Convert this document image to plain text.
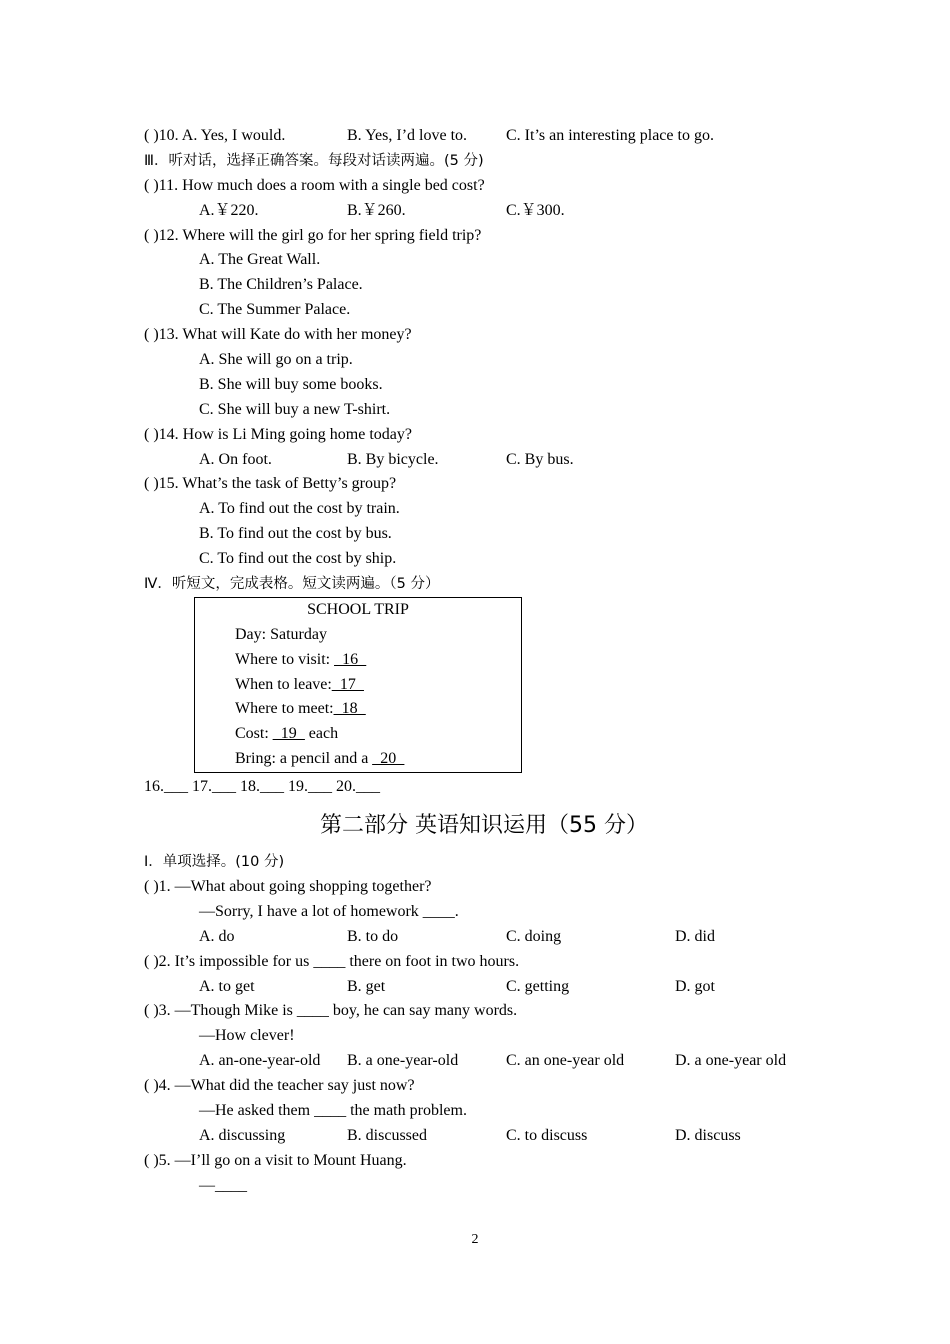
( )10. A. Yes, I would.	B. Yes, I’d love to. C. It’s an interesting place to go.
Ⅲ．听对话，选择正确答案。每段对话读两遍。(5 分)
( )11. How much does a room with a single bed cost?
A.￥220.	B.￥260.	C.￥300.
( )12. Where will the girl go for her spring field trip?
A. The Great Wall.
B. The Children’s Palace.
C. The Summer Palace.
( )13. What will Kate do with her money?
A. She will go on a trip.
B. She will buy some books.
C. She will buy a new T-shirt.
( )14. How is Li Ming going home today?
A. On foot.	B. By bicycle.	C. By bus.
( )15. What’s the task of Betty’s group?
A. To find out the cost by train.
B. To find out the cost by bus.
C. To find out the cost by ship.
Ⅳ．听短文，完成表格。短文读两遍。（5 分）
SCHOOL TRIP
Day: Saturday
Where to visit: _16_
When to leave:_17_
Where to meet:_18_
Cost: _19_ each
Bring: a pencil and a _20_
16.___ 17.___ 18.___ 19.___ 20.___
第二部分 英语知识运用（55 分）
Ⅰ．单项选择。(10 分)
( )1. —What about going shopping together?
—Sorry, I have a lot of homework ____.
A. do	B. to do	C. doing	D. did
( )2. It’s impossible for us ____ there on foot in two hours.
A. to get	B. get	C. getting	D. got
( )3. —Though Mike is ____ boy, he can say many words.
—How clever!
A. an-one-year-old B. a one-year-old	C. an one-year old	D. a one-year old
( )4. —What did the teacher say just now?
—He asked them ____ the math problem.
A. discussing	B. discussed	C. to discuss	D. discuss
( )5. —I’ll go on a visit to Mount Huang.
—____
2
